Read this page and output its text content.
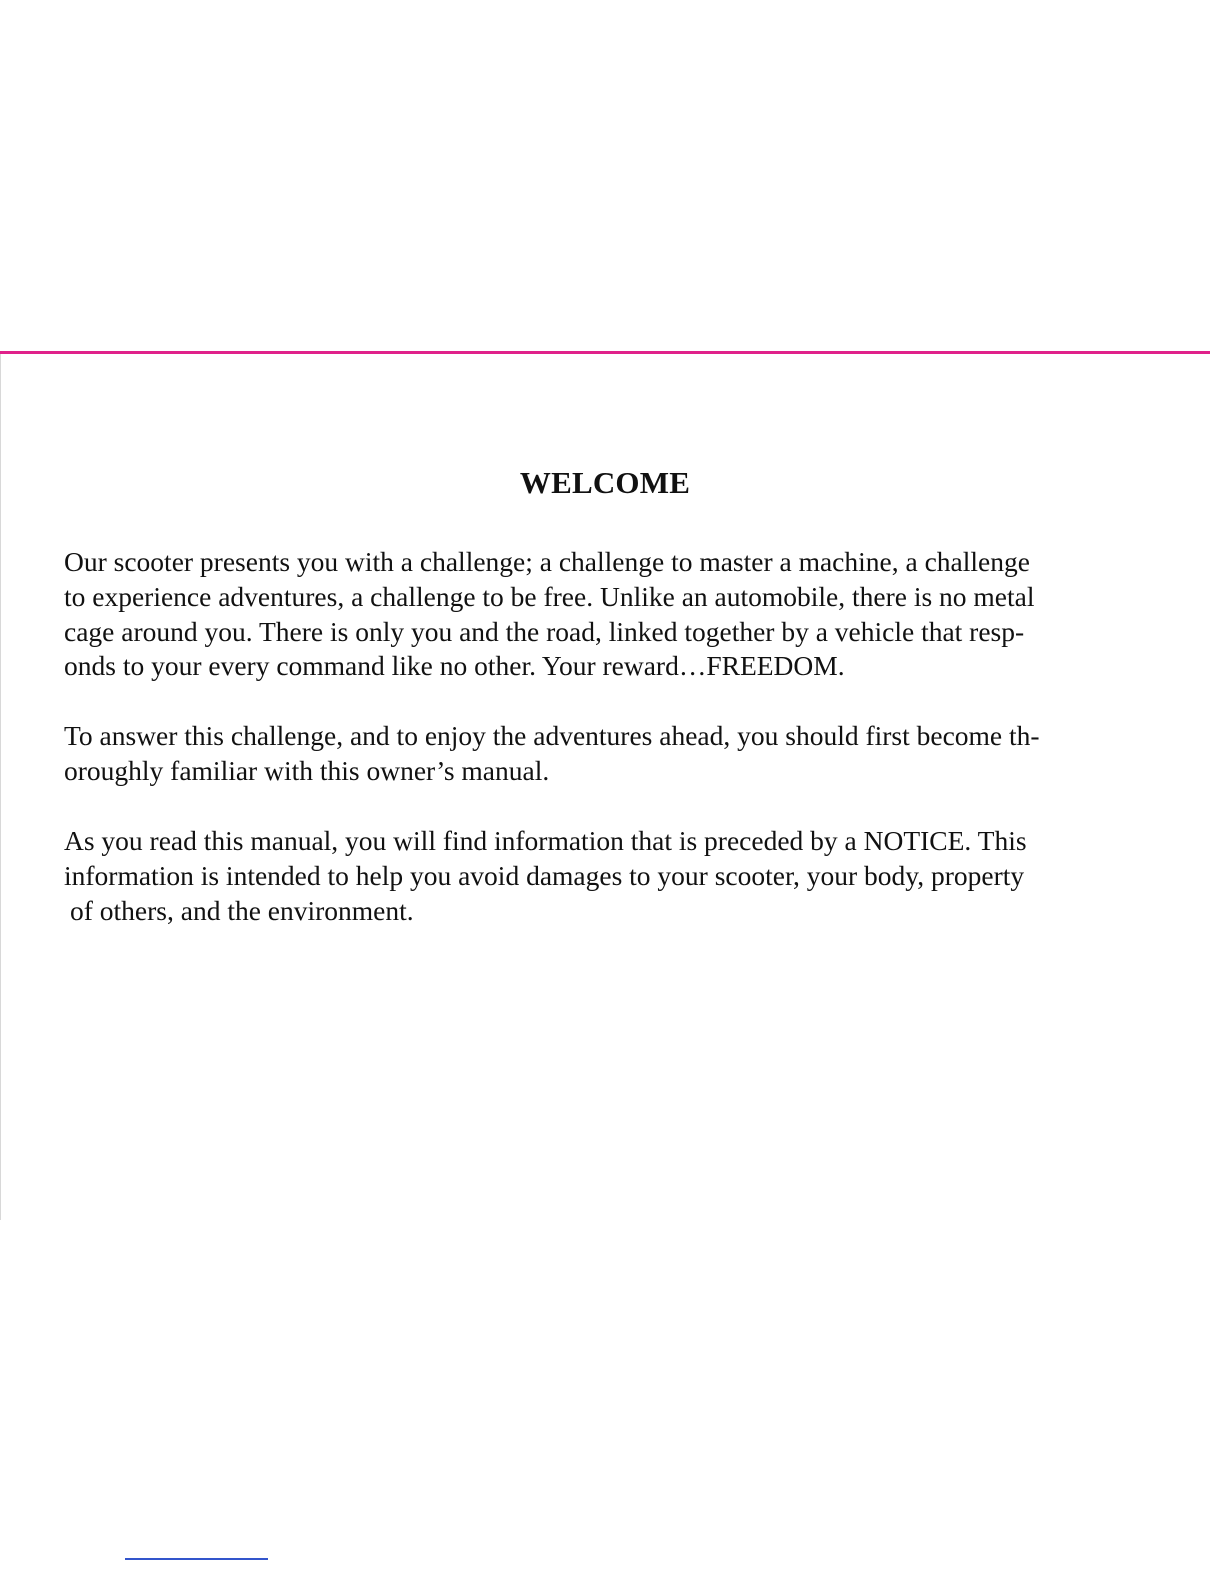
WELCOME

Our scooter presents you with a challenge; a challenge to master a machine, a challenge
to experience adventures, a challenge to be free. Unlike an automobile, there is no metal
cage around you. There is only you and the road, linked together by a vehicle that resp-
onds to your every command like no other. Your reward…FREEDOM.

To answer this challenge, and to enjoy the adventures ahead, you should first become th-
oroughly familiar with this owner’s manual.

As you read this manual, you will find information that is preceded by a NOTICE. This
information is intended to help you avoid damages to your scooter, your body, property
of others, and the environment.
